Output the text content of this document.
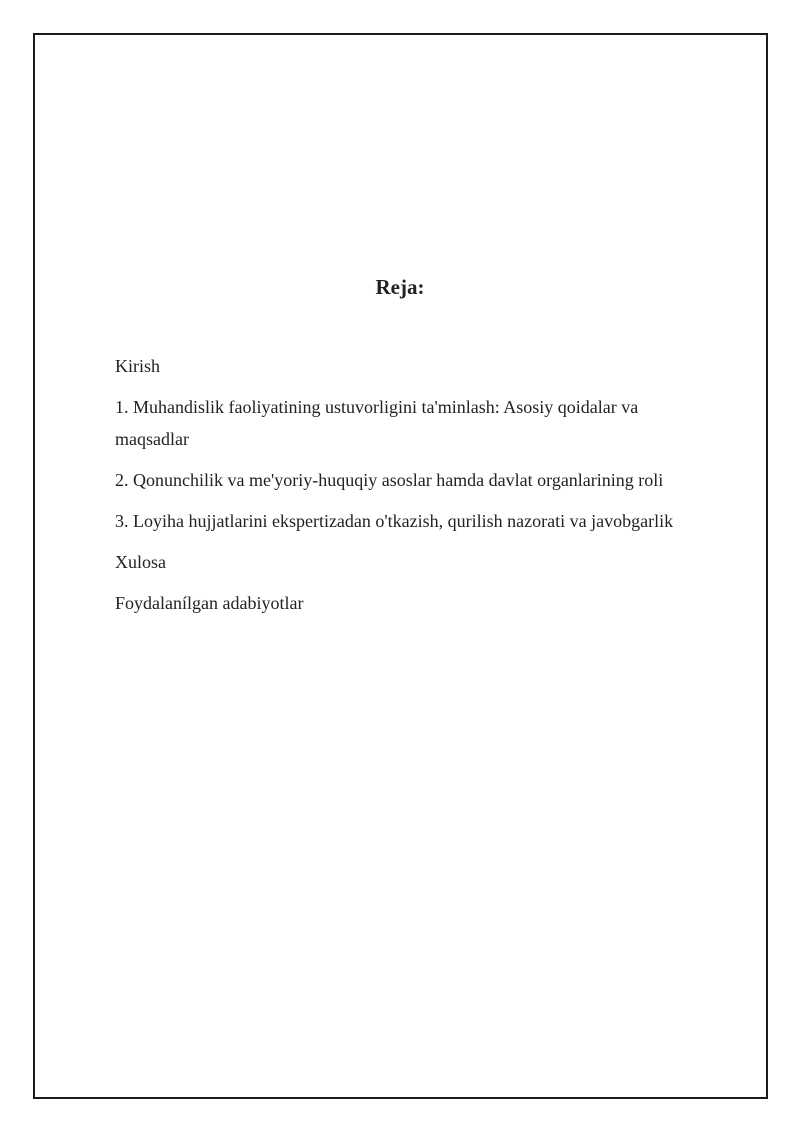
Reja:
Kirish
1. Muhandislik faoliyatining ustuvorligini ta'minlash: Asosiy qoidalar va maqsadlar
2. Qonunchilik va me'yoriy-huquqiy asoslar hamda davlat organlarining roli
3. Loyiha hujjatlarini ekspertizadan o'tkazish, qurilish nazorati va javobgarlik
Xulosa
Foydalanílgan adabiyotlar
